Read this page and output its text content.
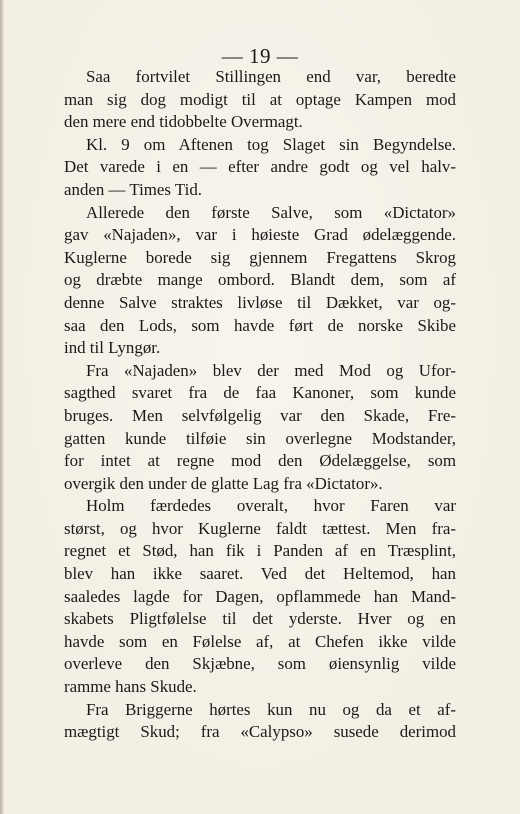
— 19 —
Saa fortvilet Stillingen end var, beredte
man sig dog modigt til at optage Kampen mod
den mere end tidobbelte Overmagt.
Kl. 9 om Aftenen tog Slaget sin Begyndelse.
Det varede i en — efter andre godt og vel halv-
anden — Times Tid.
Allerede den første Salve, som «Dictator»
gav «Najaden», var i høieste Grad ødelæggende.
Kuglerne borede sig gjennem Fregattens Skrog
og dræbte mange ombord. Blandt dem, som af
denne Salve straktes livløse til Dækket, var og-
saa den Lods, som havde ført de norske Skibe
ind til Lyngør.
Fra «Najaden» blev der med Mod og Ufor-
sagthed svaret fra de faa Kanoner, som kunde
bruges. Men selvfølgelig var den Skade, Fre-
gatten kunde tilføie sin overlegne Modstander,
for intet at regne mod den Ødelæggelse, som
overgik den under de glatte Lag fra «Dictator».
Holm færdedes overalt, hvor Faren var
størst, og hvor Kuglerne faldt tættest. Men fra-
regnet et Stød, han fik i Panden af en Træsplint,
blev han ikke saaret. Ved det Heltemod, han
saaledes lagde for Dagen, opflammede han Mand-
skabets Pligtfølelse til det yderste. Hver og en
havde som en Følelse af, at Chefen ikke vilde
overleve den Skjæbne, som øiensynlig vilde
ramme hans Skude.
Fra Briggerne hørtes kun nu og da et af-
mægtigt Skud; fra «Calypso» susede derimod
